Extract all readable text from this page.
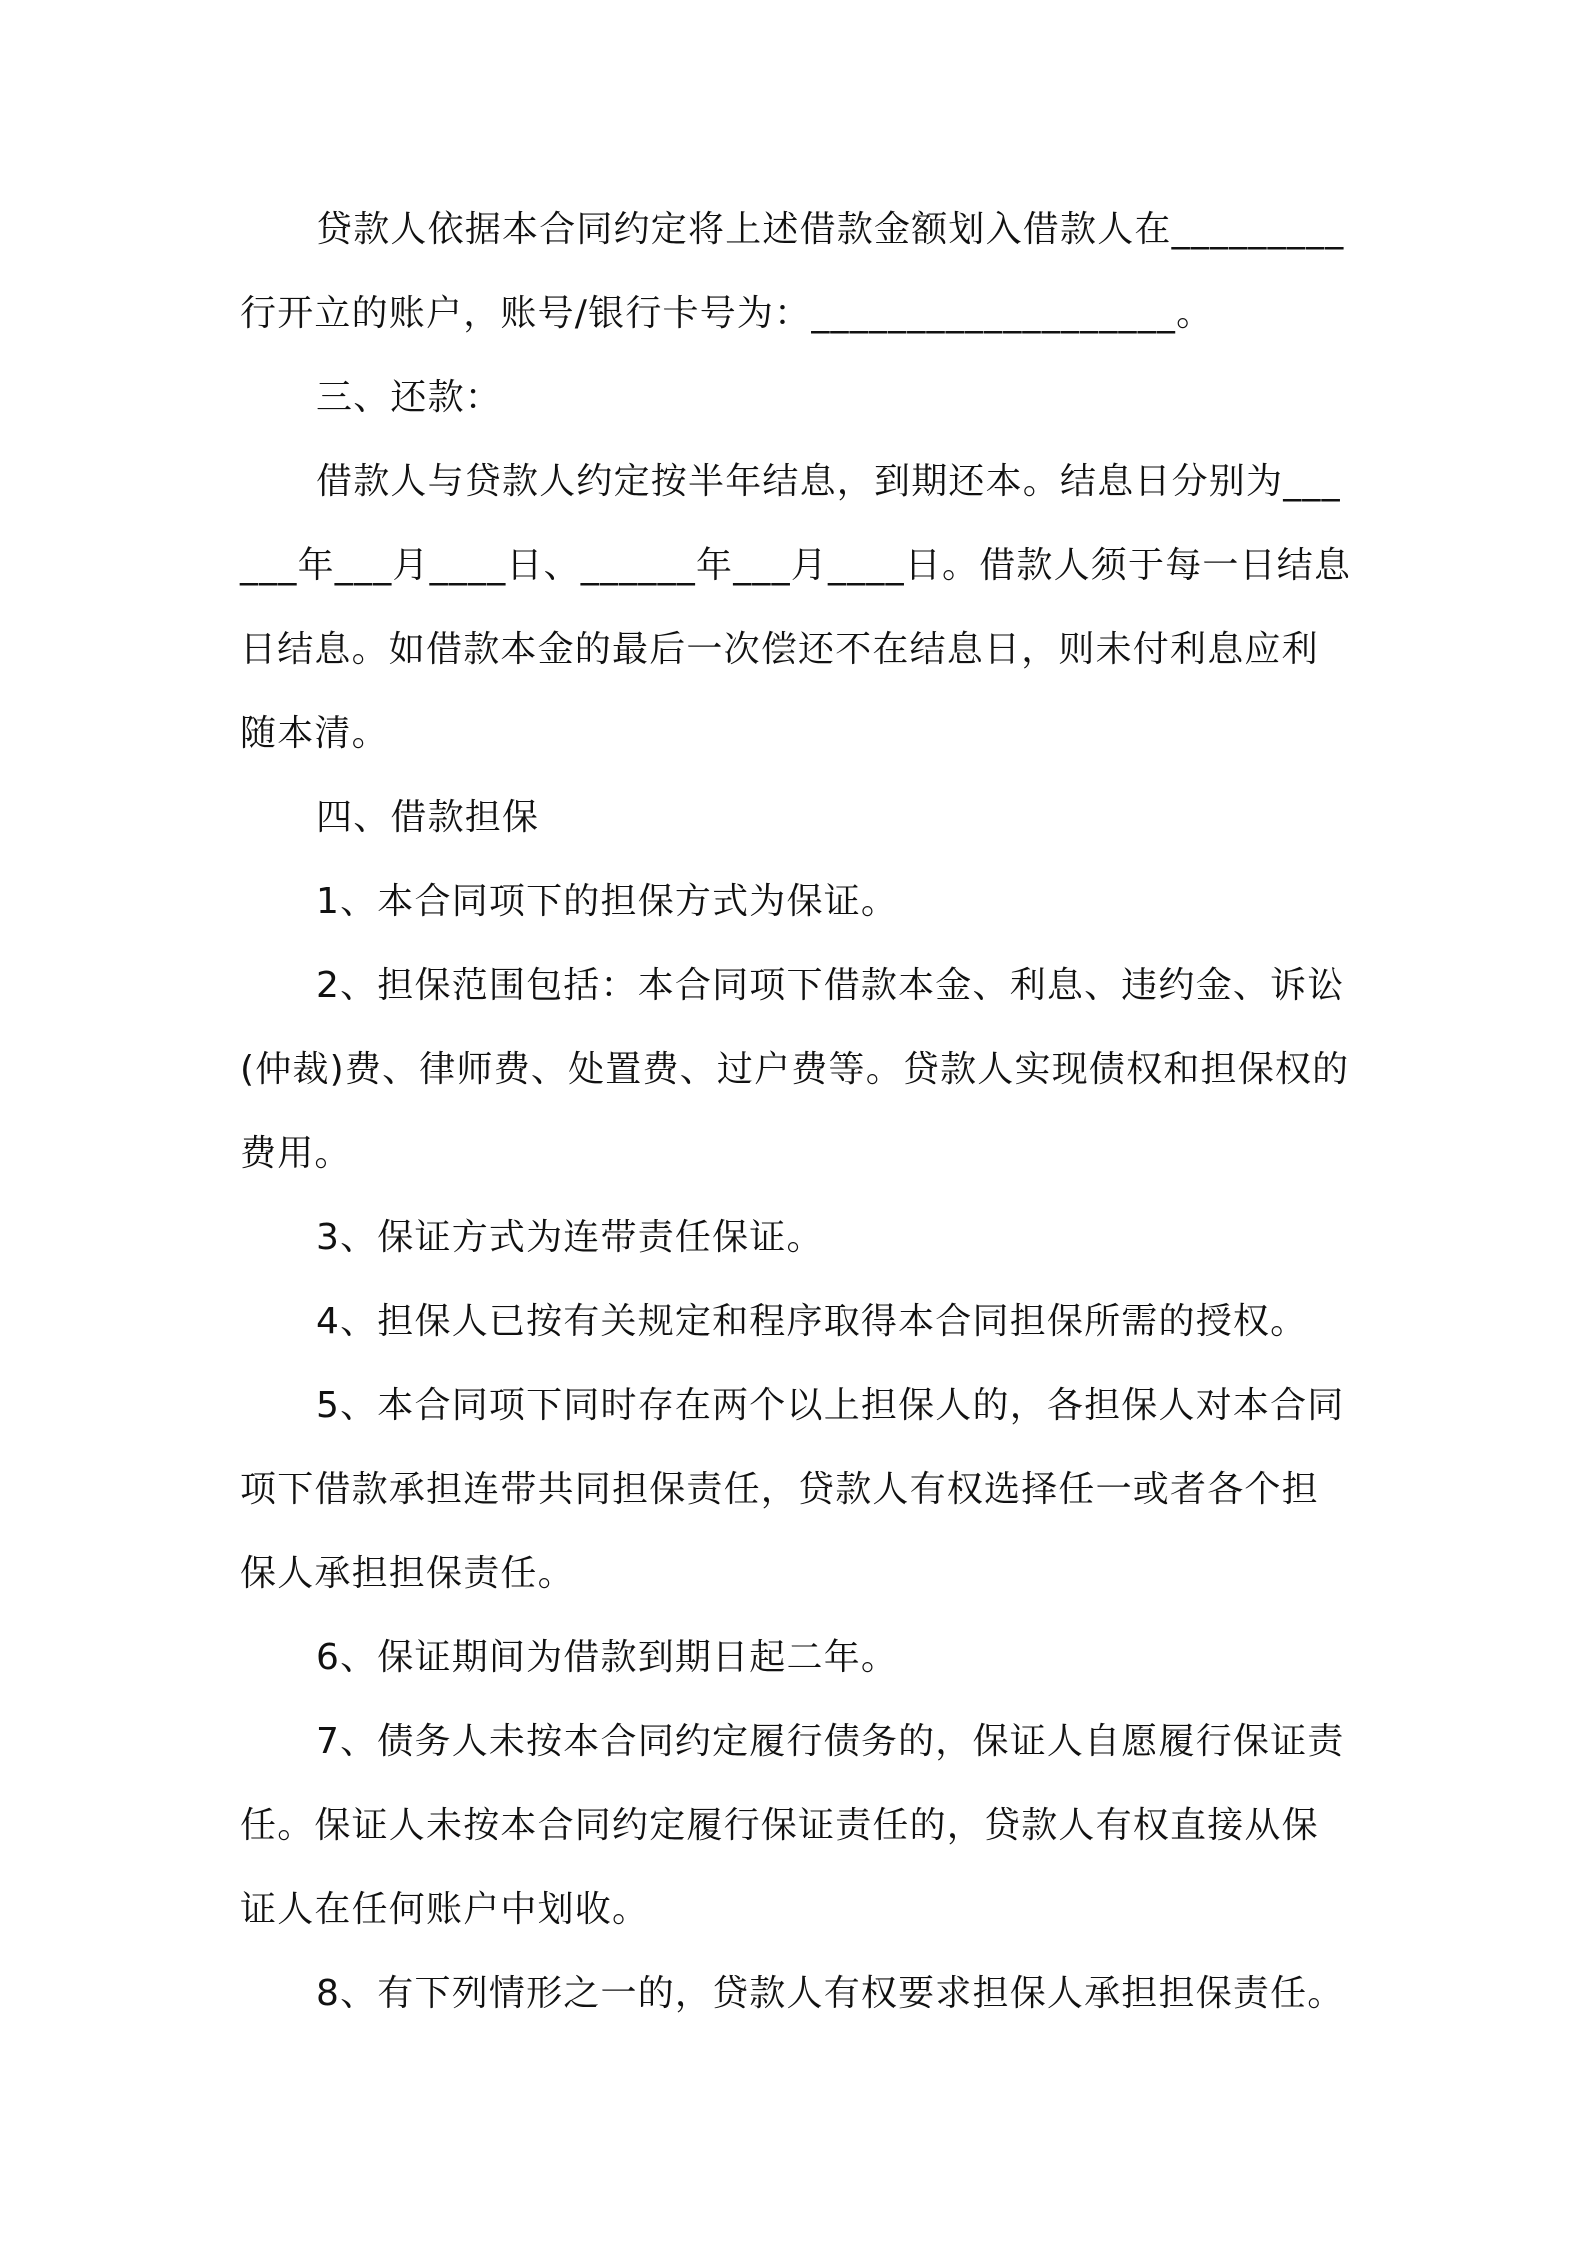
贷款人依据本合同约定将上述借款金额划入借款人在_________行开立的账户，账号/银行卡号为：___________________。

三、还款：

借款人与贷款人约定按半年结息，到期还本。结息日分别为______年___月____日、______年___月____日。借款人须于每一日结息日结息。如借款本金的最后一次偿还不在结息日，则未付利息应利随本清。

四、借款担保

1、本合同项下的担保方式为保证。

2、担保范围包括：本合同项下借款本金、利息、违约金、诉讼(仲裁)费、律师费、处置费、过户费等。贷款人实现债权和担保权的费用。

3、保证方式为连带责任保证。

4、担保人已按有关规定和程序取得本合同担保所需的授权。

5、本合同项下同时存在两个以上担保人的，各担保人对本合同项下借款承担连带共同担保责任，贷款人有权选择任一或者各个担保人承担担保责任。

6、保证期间为借款到期日起二年。

7、债务人未按本合同约定履行债务的，保证人自愿履行保证责任。保证人未按本合同约定履行保证责任的，贷款人有权直接从保证人在任何账户中划收。

8、有下列情形之一的，贷款人有权要求担保人承担担保责任。
